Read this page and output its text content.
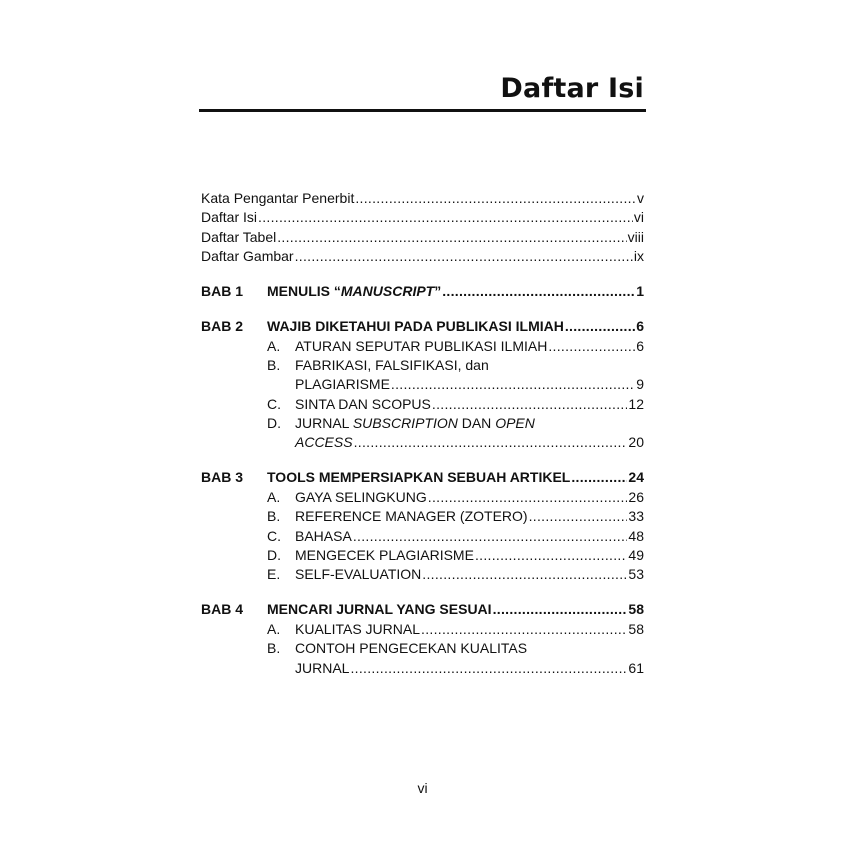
Daftar Isi
Kata Pengantar Penerbit .....	v
Daftar Isi .....	vi
Daftar Tabel .....	viii
Daftar Gambar .....	ix
BAB 1	MENULIS “MANUSCRIPT” .....	1
BAB 2	WAJIB DIKETAHUI PADA PUBLIKASI ILMIAH .....	6
A.	ATURAN SEPUTAR PUBLIKASI ILMIAH .....	6
B.	FABRIKASI, FALSIFIKASI, dan
PLAGIARISME .....	9
C.	SINTA DAN SCOPUS .....	12
D.	JURNAL SUBSCRIPTION DAN OPEN
ACCESS .....	20
BAB 3	TOOLS MEMPERSIAPKAN SEBUAH ARTIKEL .....	24
A.	GAYA SELINGKUNG .....	26
B.	REFERENCE MANAGER (ZOTERO) .....	33
C.	BAHASA .....	48
D.	MENGECEK PLAGIARISME .....	49
E.	SELF-EVALUATION .....	53
BAB 4	MENCARI JURNAL YANG SESUAI .....	58
A.	KUALITAS JURNAL .....	58
B.	CONTOH PENGECEKAN KUALITAS
JURNAL .....	61
vi
